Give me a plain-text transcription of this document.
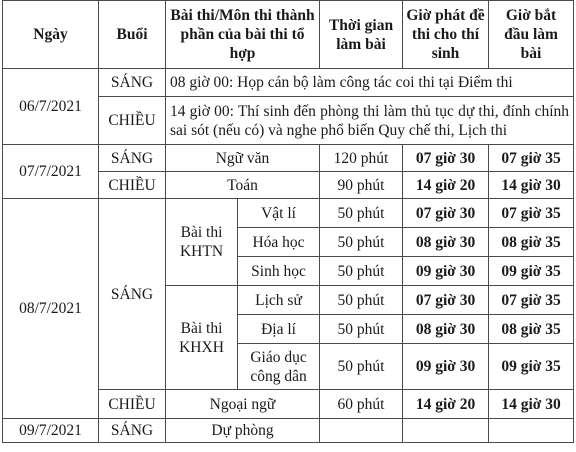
Ngày	Buổi	Bài thi/Môn thi thành phần của bài thi tổ hợp		Thời gian làm bài	Giờ phát đề thi cho thí sinh	Giờ bắt đầu làm bài
06/7/2021	SÁNG	08 giờ 00: Họp cán bộ làm công tác coi thi tại Điểm thi				
	CHIỀU	14 giờ 00: Thí sinh đến phòng thi làm thủ tục dự thi, đính chính sai sót (nếu có) và nghe phổ biến Quy chế thi, Lịch thi				
07/7/2021	SÁNG	Ngữ văn		120 phút	07 giờ 30	07 giờ 35
	CHIỀU	Toán		90 phút	14 giờ 20	14 giờ 30
08/7/2021	SÁNG	Bài thi KHTN	Vật lí	50 phút	07 giờ 30	07 giờ 35
			Hóa học	50 phút	08 giờ 30	08 giờ 35
			Sinh học	50 phút	09 giờ 30	09 giờ 35
		Bài thi KHXH	Lịch sử	50 phút	07 giờ 30	07 giờ 35
			Địa lí	50 phút	08 giờ 30	08 giờ 35
			Giáo dục công dân	50 phút	09 giờ 30	09 giờ 35
	CHIỀU	Ngoại ngữ		60 phút	14 giờ 20	14 giờ 30
09/7/2021	SÁNG	Dự phòng				
